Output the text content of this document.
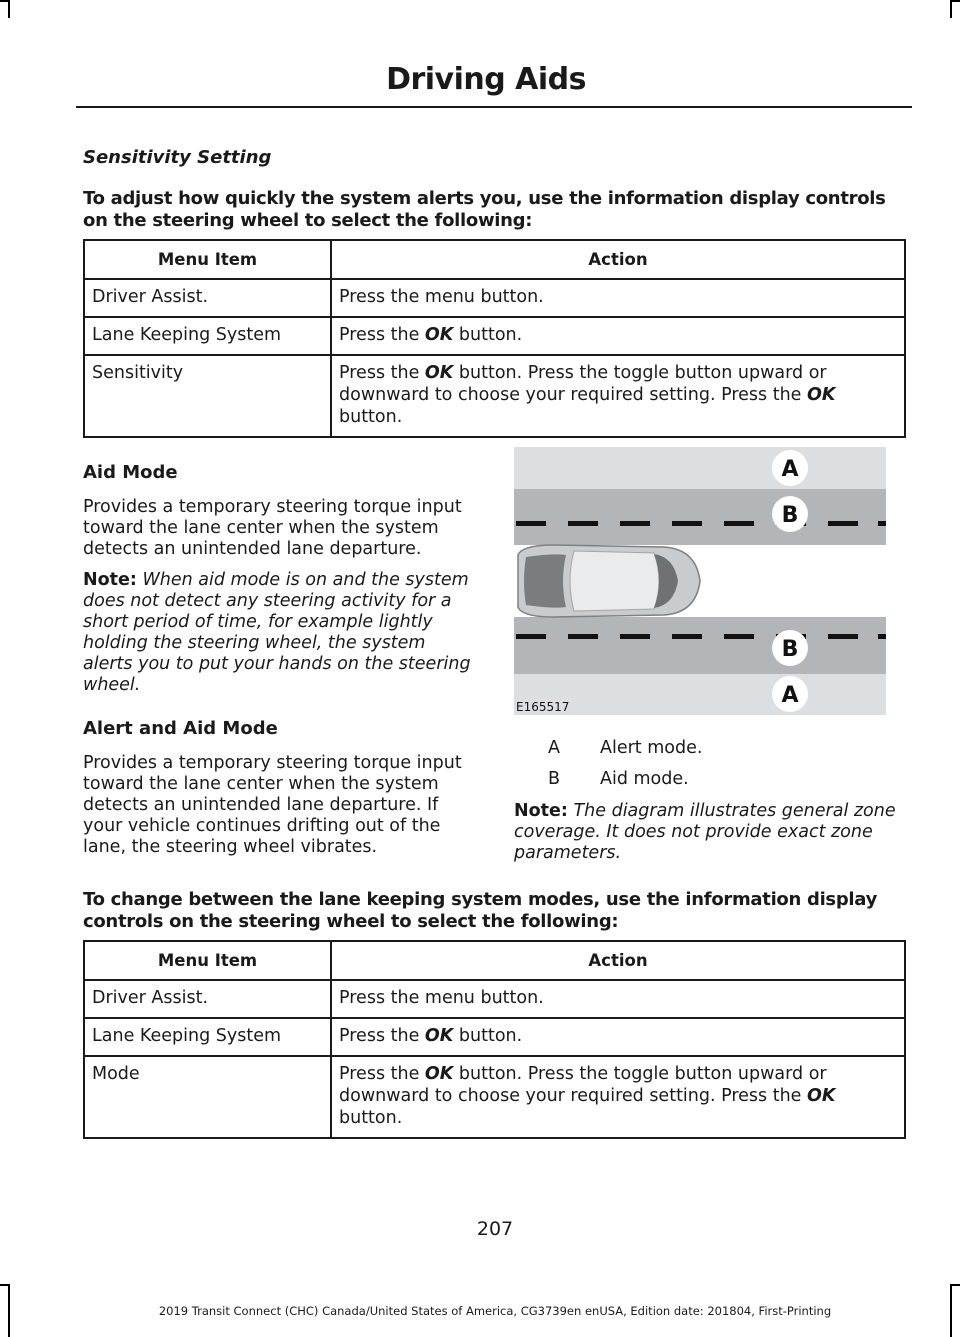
Driving Aids
Sensitivity Setting
To adjust how quickly the system alerts you, use the information display controls on the steering wheel to select the following:
Menu Item	Action
Driver Assist.	Press the menu button.
Lane Keeping System	Press the OK button.
Sensitivity	Press the OK button. Press the toggle button upward or downward to choose your required setting. Press the OK button.

Aid Mode

Provides a temporary steering torque input toward the lane center when the system detects an unintended lane departure.

Note: When aid mode is on and the system does not detect any steering activity for a short period of time, for example lightly holding the steering wheel, the system alerts you to put your hands on the steering wheel.

Alert and Aid Mode

Provides a temporary steering torque input toward the lane center when the system detects an unintended lane departure. If your vehicle continues drifting out of the lane, the steering wheel vibrates.

A
B
B
A
E165517
A Alert mode.
B Aid mode.

Note: The diagram illustrates general zone coverage. It does not provide exact zone parameters.

To change between the lane keeping system modes, use the information display controls on the steering wheel to select the following:
Menu Item	Action
Driver Assist.	Press the menu button.
Lane Keeping System	Press the OK button.
Mode	Press the OK button. Press the toggle button upward or downward to choose your required setting. Press the OK button.
207
2019 Transit Connect (CHC) Canada/United States of America, CG3739en enUSA, Edition date: 201804, First-Printing
